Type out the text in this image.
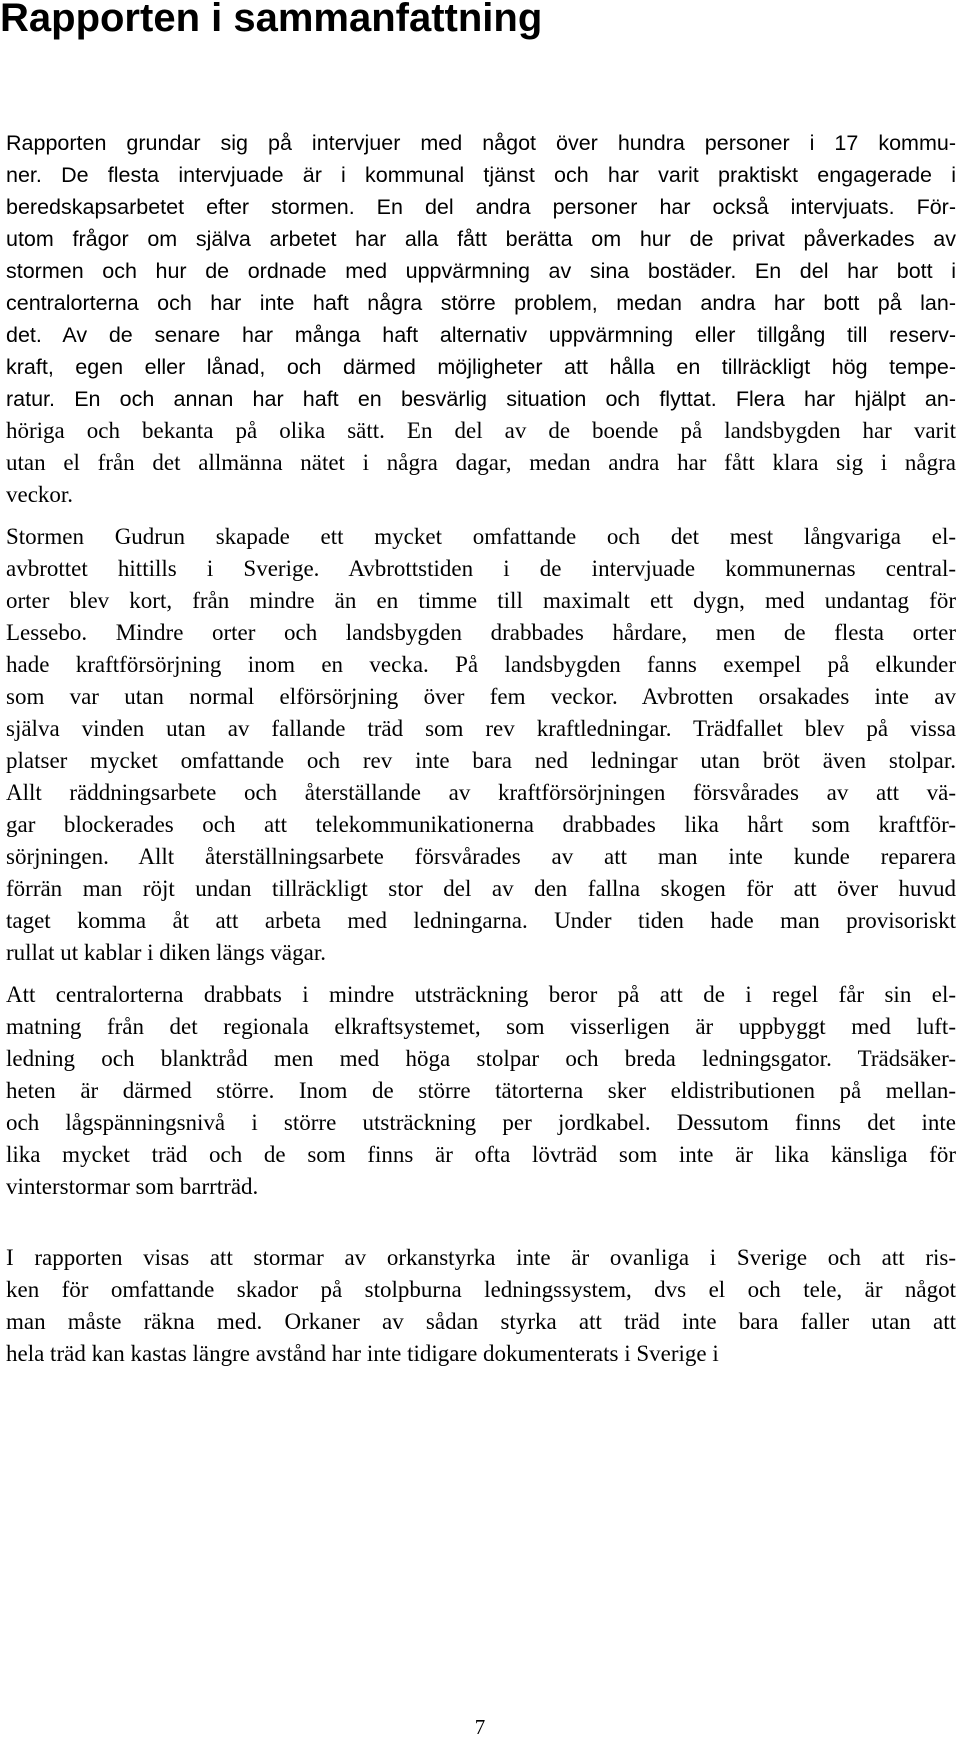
Rapporten i sammanfattning
Rapporten grundar sig på intervjuer med något över hundra personer i 17 kommu-
ner. De flesta intervjuade är i kommunal tjänst och har varit praktiskt engagerade i
beredskapsarbetet efter stormen. En del andra personer har också intervjuats. För-
utom frågor om själva arbetet har alla fått berätta om hur de privat påverkades av
stormen och hur de ordnade med uppvärmning av sina bostäder. En del har bott i
centralorterna och har inte haft några större problem, medan andra har bott på lan-
det. Av de senare har många haft alternativ uppvärmning eller tillgång till reserv-
kraft, egen eller lånad, och därmed möjligheter att hålla en tillräckligt hög tempe-
ratur. En och annan har haft en besvärlig situation och flyttat. Flera har hjälpt an-
höriga och bekanta på olika sätt. En del av de boende på landsbygden har varit
utan el från det allmänna nätet i några dagar, medan andra har fått klara sig i några
veckor.
Stormen Gudrun skapade ett mycket omfattande och det mest långvariga el-
avbrottet hittills i Sverige. Avbrottstiden i de intervjuade kommunernas central-
orter blev kort, från mindre än en timme till maximalt ett dygn, med undantag för
Lessebo. Mindre orter och landsbygden drabbades hårdare, men de flesta orter
hade kraftförsörjning inom en vecka. På landsbygden fanns exempel på elkunder
som var utan normal elförsörjning över fem veckor. Avbrotten orsakades inte av
själva vinden utan av fallande träd som rev kraftledningar. Trädfallet blev på vissa
platser mycket omfattande och rev inte bara ned ledningar utan bröt även stolpar.
Allt räddningsarbete och återställande av kraftförsörjningen försvårades av att vä-
gar blockerades och att telekommunikationerna drabbades lika hårt som kraftför-
sörjningen. Allt återställningsarbete försvårades av att man inte kunde reparera
förrän man röjt undan tillräckligt stor del av den fallna skogen för att över huvud
taget komma åt att arbeta med ledningarna. Under tiden hade man provisoriskt
rullat ut kablar i diken längs vägar.
Att centralorterna drabbats i mindre utsträckning beror på att de i regel får sin el-
matning från det regionala elkraftsystemet, som visserligen är uppbyggt med luft-
ledning och blanktråd men med höga stolpar och breda ledningsgator. Trädsäker-
heten är därmed större. Inom de större tätorterna sker eldistributionen på mellan-
och lågspänningsnivå i större utsträckning per jordkabel. Dessutom finns det inte
lika mycket träd och de som finns är ofta lövträd som inte är lika känsliga för
vinterstormar som barrträd.
I rapporten visas att stormar av orkanstyrka inte är ovanliga i Sverige och att ris-
ken för omfattande skador på stolpburna ledningssystem, dvs el och tele, är något
man måste räkna med. Orkaner av sådan styrka att träd inte bara faller utan att
hela träd kan kastas längre avstånd har inte tidigare dokumenterats i Sverige i
7
